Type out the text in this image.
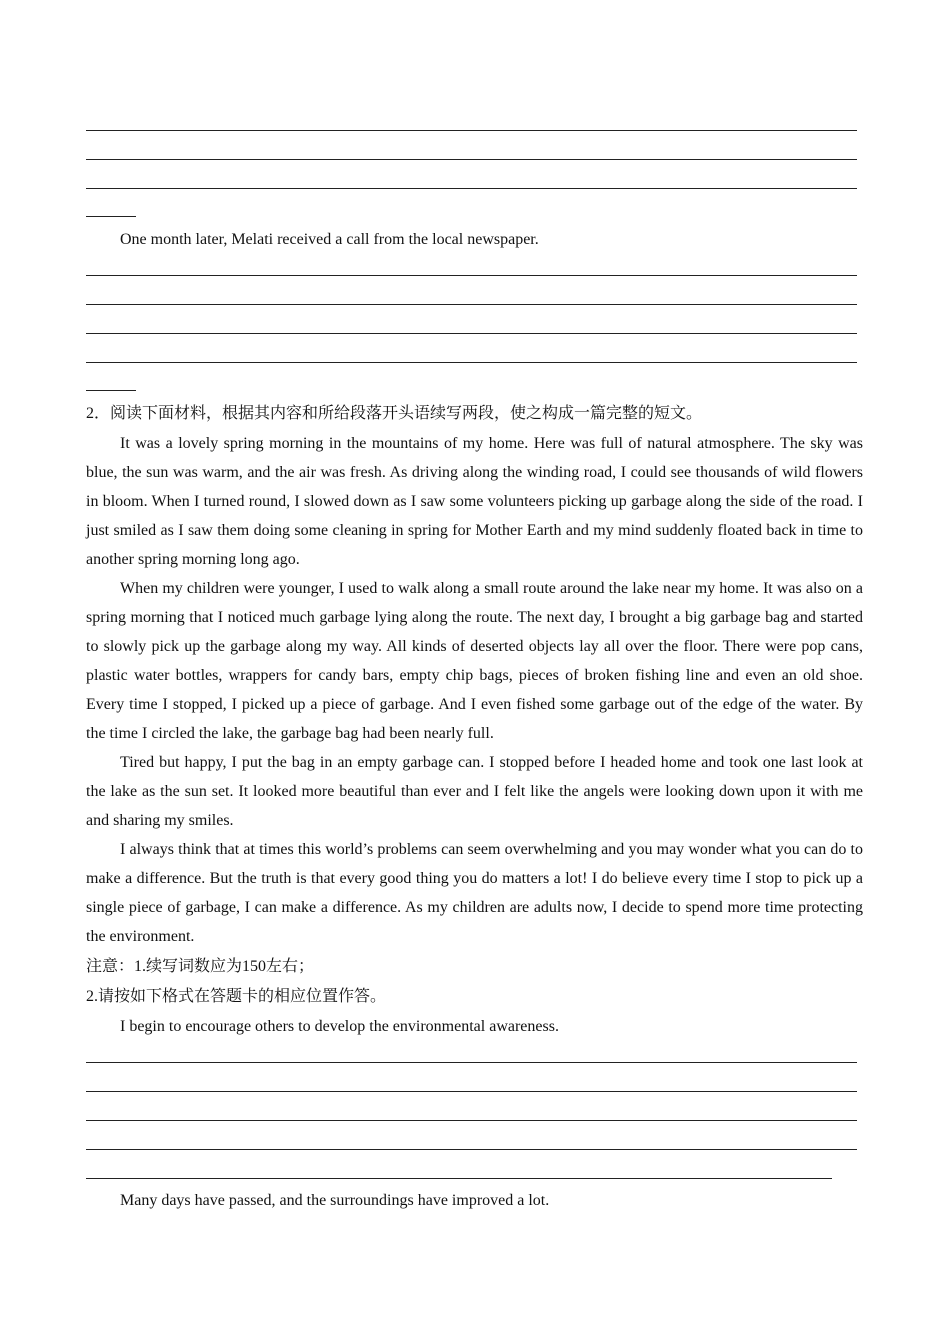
One month later, Melati received a call from the local newspaper.
2．阅读下面材料，根据其内容和所给段落开头语续写两段，使之构成一篇完整的短文。

It was a lovely spring morning in the mountains of my home. Here was full of natural atmosphere. The sky was blue, the sun was warm, and the air was fresh. As driving along the winding road, I could see thousands of wild flowers in bloom. When I turned round, I slowed down as I saw some volunteers picking up garbage along the side of the road. I just smiled as I saw them doing some cleaning in spring for Mother Earth and my mind suddenly floated back in time to another spring morning long ago.

When my children were younger, I used to walk along a small route around the lake near my home. It was also on a spring morning that I noticed much garbage lying along the route. The next day, I brought a big garbage bag and started to slowly pick up the garbage along my way. All kinds of deserted objects lay all over the floor. There were pop cans, plastic water bottles, wrappers for candy bars, empty chip bags, pieces of broken fishing line and even an old shoe. Every time I stopped, I picked up a piece of garbage. And I even fished some garbage out of the edge of the water. By the time I circled the lake, the garbage bag had been nearly full.

Tired but happy, I put the bag in an empty garbage can. I stopped before I headed home and took one last look at the lake as the sun set. It looked more beautiful than ever and I felt like the angels were looking down upon it with me and sharing my smiles.

I always think that at times this world’s problems can seem overwhelming and you may wonder what you can do to make a difference. But the truth is that every good thing you do matters a lot! I do believe every time I stop to pick up a single piece of garbage, I can make a difference. As my children are adults now, I decide to spend more time protecting the environment.

注意：1.续写词数应为150左右；
2.请按如下格式在答题卡的相应位置作答。
I begin to encourage others to develop the environmental awareness.
Many days have passed, and the surroundings have improved a lot.
